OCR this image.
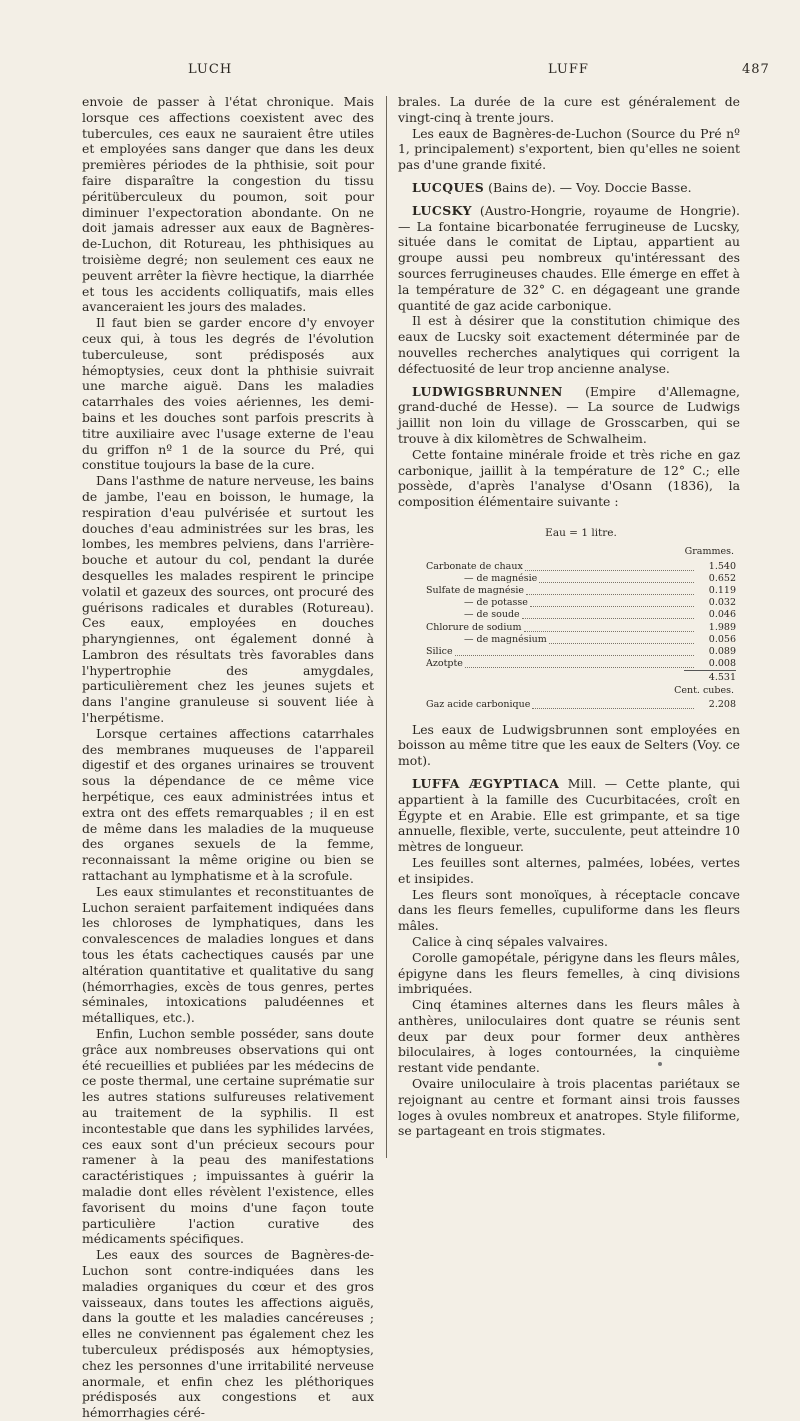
LUCH	LUFF	487

envoie de passer à l'état chronique. Mais lorsque ces affections coexistent avec des tubercules, ces eaux ne sauraient être utiles et employées sans danger que dans les deux premières périodes de la phthisie, soit pour faire disparaître la congestion du tissu péritüberculeux du poumon, soit pour diminuer l'expectoration abondante. On ne doit jamais adresser aux eaux de Bagnères-de-Luchon, dit Rotureau, les phthisiques au troisième degré; non seulement ces eaux ne peuvent arrêter la fièvre hectique, la diarrhée et tous les accidents colliquatifs, mais elles avanceraient les jours des malades.

Il faut bien se garder encore d'y envoyer ceux qui, à tous les degrés de l'évolution tuberculeuse, sont prédisposés aux hémoptysies, ceux dont la phthisie suivrait une marche aiguë. Dans les maladies catarrhales des voies aériennes, les demi-bains et les douches sont parfois prescrits à titre auxiliaire avec l'usage externe de l'eau du griffon nº 1 de la source du Pré, qui constitue toujours la base de la cure.

Dans l'asthme de nature nerveuse, les bains de jambe, l'eau en boisson, le humage, la respiration d'eau pulvérisée et surtout les douches d'eau administrées sur les bras, les lombes, les membres pelviens, dans l'arrière-bouche et autour du col, pendant la durée desquelles les malades respirent le principe volatil et gazeux des sources, ont procuré des guérisons radicales et durables (Rotureau). Ces eaux, employées en douches pharyngiennes, ont également donné à Lambron des résultats très favorables dans l'hypertrophie des amygdales, particulièrement chez les jeunes sujets et dans l'angine granuleuse si souvent liée à l'herpétisme.

Lorsque certaines affections catarrhales des membranes muqueuses de l'appareil digestif et des organes urinaires se trouvent sous la dépendance de ce même vice herpétique, ces eaux administrées intus et extra ont des effets remarquables ; il en est de même dans les maladies de la muqueuse des organes sexuels de la femme, reconnaissant la même origine ou bien se rattachant au lymphatisme et à la scrofule.

Les eaux stimulantes et reconstituantes de Luchon seraient parfaitement indiquées dans les chloroses de lymphatiques, dans les convalescences de maladies longues et dans tous les états cachectiques causés par une altération quantitative et qualitative du sang (hémorrhagies, excès de tous genres, pertes séminales, intoxications paludéennes et métalliques, etc.).

Enfin, Luchon semble posséder, sans doute grâce aux nombreuses observations qui ont été recueillies et publiées par les médecins de ce poste thermal, une certaine suprématie sur les autres stations sulfureuses relativement au traitement de la syphilis. Il est incontestable que dans les syphilides larvées, ces eaux sont d'un précieux secours pour ramener à la peau des manifestations caractéristiques ; impuissantes à guérir la maladie dont elles révèlent l'existence, elles favorisent du moins d'une façon toute particulière l'action curative des médicaments spécifiques.

Les eaux des sources de Bagnères-de-Luchon sont contre-indiquées dans les maladies organiques du cœur et des gros vaisseaux, dans toutes les affections aiguës, dans la goutte et les maladies cancéreuses ; elles ne conviennent pas également chez les tuberculeux prédisposés aux hémoptysies, chez les personnes d'une irritabilité nerveuse anormale, et enfin chez les pléthoriques prédisposés aux congestions et aux hémorrhagies céré-

brales. La durée de la cure est généralement de vingt-cinq à trente jours.

Les eaux de Bagnères-de-Luchon (Source du Pré nº 1, principalement) s'exportent, bien qu'elles ne soient pas d'une grande fixité.

LUCQUES (Bains de). — Voy. Doccie Basse.

LUCSKY (Austro-Hongrie, royaume de Hongrie). — La fontaine bicarbonatée ferrugineuse de Lucsky, située dans le comitat de Liptau, appartient au groupe aussi peu nombreux qu'intéressant des sources ferrugineuses chaudes. Elle émerge en effet à la température de 32° C. en dégageant une grande quantité de gaz acide carbonique.

Il est à désirer que la constitution chimique des eaux de Lucsky soit exactement déterminée par de nouvelles recherches analytiques qui corrigent la défectuosité de leur trop ancienne analyse.

LUDWIGSBRUNNEN (Empire d'Allemagne, grand-duché de Hesse). — La source de Ludwigs jaillit non loin du village de Grosscarben, qui se trouve à dix kilomètres de Schwalheim.

Cette fontaine minérale froide et très riche en gaz carbonique, jaillit à la température de 12° C.; elle possède, d'après l'analyse d'Osann (1836), la composition élémentaire suivante :

Eau = 1 litre.
Grammes.
Carbonate de chaux	1.540
— de magnésie	0.652
Sulfate de magnésie	0.119
— de potasse	0.032
— de soude	0.046
Chlorure de sodium	1.989
— de magnésium	0.056
Silice	0.089
Azotpte	0.008
4.531
Cent. cubes.
Gaz acide carbonique	2.208

Les eaux de Ludwigsbrunnen sont employées en boisson au même titre que les eaux de Selters (Voy. ce mot).

LUFFA ÆGYPTIACA Mill. — Cette plante, qui appartient à la famille des Cucurbitacées, croît en Égypte et en Arabie. Elle est grimpante, et sa tige annuelle, flexible, verte, succulente, peut atteindre 10 mètres de longueur.

Les feuilles sont alternes, palmées, lobées, vertes et insipides.

Les fleurs sont monoïques, à réceptacle concave dans les fleurs femelles, cupuliforme dans les fleurs mâles.

Calice à cinq sépales valvaires.

Corolle gamopétale, périgyne dans les fleurs mâles, épigyne dans les fleurs femelles, à cinq divisions imbriquées.

Cinq étamines alternes dans les fleurs mâles à anthères, uniloculaires dont quatre se réunis sent deux par deux pour former deux anthères biloculaires, à loges contournées, la cinquième restant vide pendante.

Ovaire uniloculaire à trois placentas pariétaux se rejoignant au centre et formant ainsi trois fausses loges à ovules nombreux et anatropes. Style filiforme, se partageant en trois stigmates.
